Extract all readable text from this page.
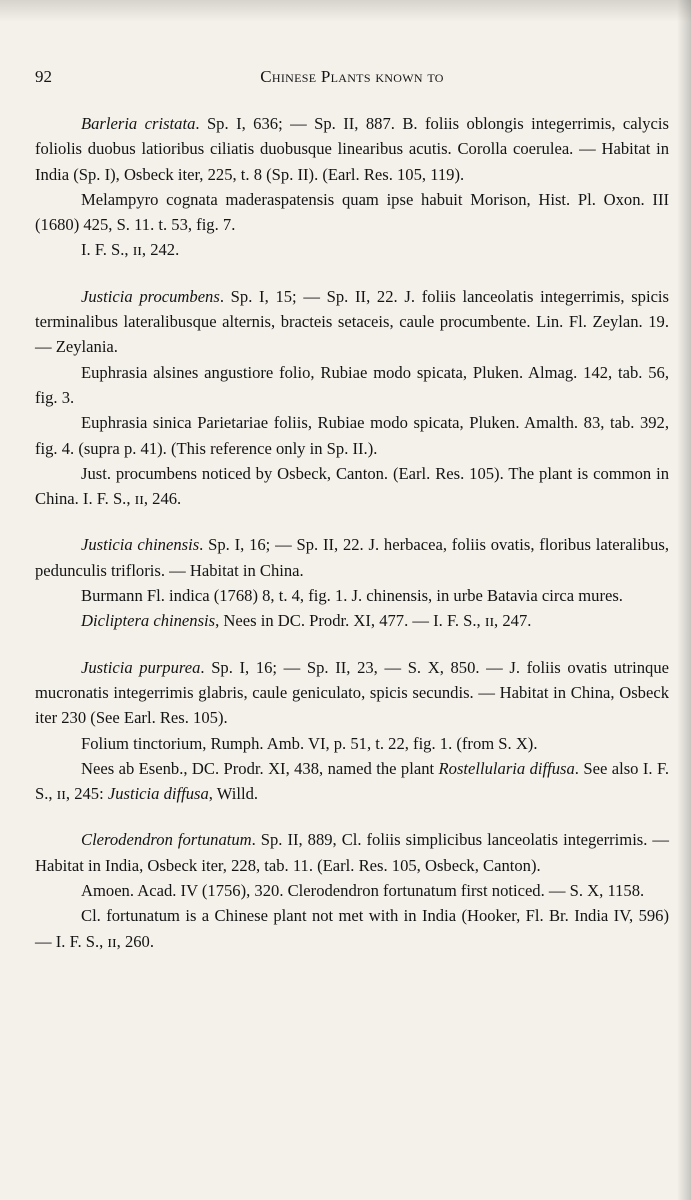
92	Chinese Plants known to

Barleria cristata. Sp. I, 636; — Sp. II, 887. B. foliis oblongis integerrimis, calycis foliolis duobus latioribus ciliatis duobusque linearibus acutis. Corolla coerulea. — Habitat in India (Sp. I), Osbeck iter, 225, t. 8 (Sp. II). (Earl. Res. 105, 119).

Melampyro cognata maderaspatensis quam ipse habuit Morison, Hist. Pl. Oxon. III (1680) 425, S. 11. t. 53, fig. 7.

I. F. S., ɪɪ, 242.

Justicia procumbens. Sp. I, 15; — Sp. II, 22. J. foliis lanceolatis integerrimis, spicis terminalibus lateralibusque alternis, bracteis setaceis, caule procumbente. Lin. Fl. Zeylan. 19. — Zeylania.

Euphrasia alsines angustiore folio, Rubiae modo spicata, Pluken. Almag. 142, tab. 56, fig. 3.

Euphrasia sinica Parietariae foliis, Rubiae modo spicata, Pluken. Amalth. 83, tab. 392, fig. 4. (supra p. 41). (This reference only in Sp. II.).

Just. procumbens noticed by Osbeck, Canton. (Earl. Res. 105). The plant is common in China. I. F. S., ɪɪ, 246.

Justicia chinensis. Sp. I, 16; — Sp. II, 22. J. herbacea, foliis ovatis, floribus lateralibus, pedunculis trifloris. — Habitat in China.

Burmann Fl. indica (1768) 8, t. 4, fig. 1. J. chinensis, in urbe Batavia circa mures.

Dicliptera chinensis, Nees in DC. Prodr. XI, 477. — I. F. S., ɪɪ, 247.

Justicia purpurea. Sp. I, 16; — Sp. II, 23, — S. X, 850. — J. foliis ovatis utrinque mucronatis integerrimis glabris, caule geniculato, spicis secundis. — Habitat in China, Osbeck iter 230 (See Earl. Res. 105).

Folium tinctorium, Rumph. Amb. VI, p. 51, t. 22, fig. 1. (from S. X).

Nees ab Esenb., DC. Prodr. XI, 438, named the plant Rostellularia diffusa. See also I. F. S., ɪɪ, 245: Justicia diffusa, Willd.

Clerodendron fortunatum. Sp. II, 889, Cl. foliis simplicibus lanceolatis integerrimis. — Habitat in India, Osbeck iter, 228, tab. 11. (Earl. Res. 105, Osbeck, Canton).

Amoen. Acad. IV (1756), 320. Clerodendron fortunatum first noticed. — S. X, 1158.

Cl. fortunatum is a Chinese plant not met with in India (Hooker, Fl. Br. India IV, 596) — I. F. S., ɪɪ, 260.
